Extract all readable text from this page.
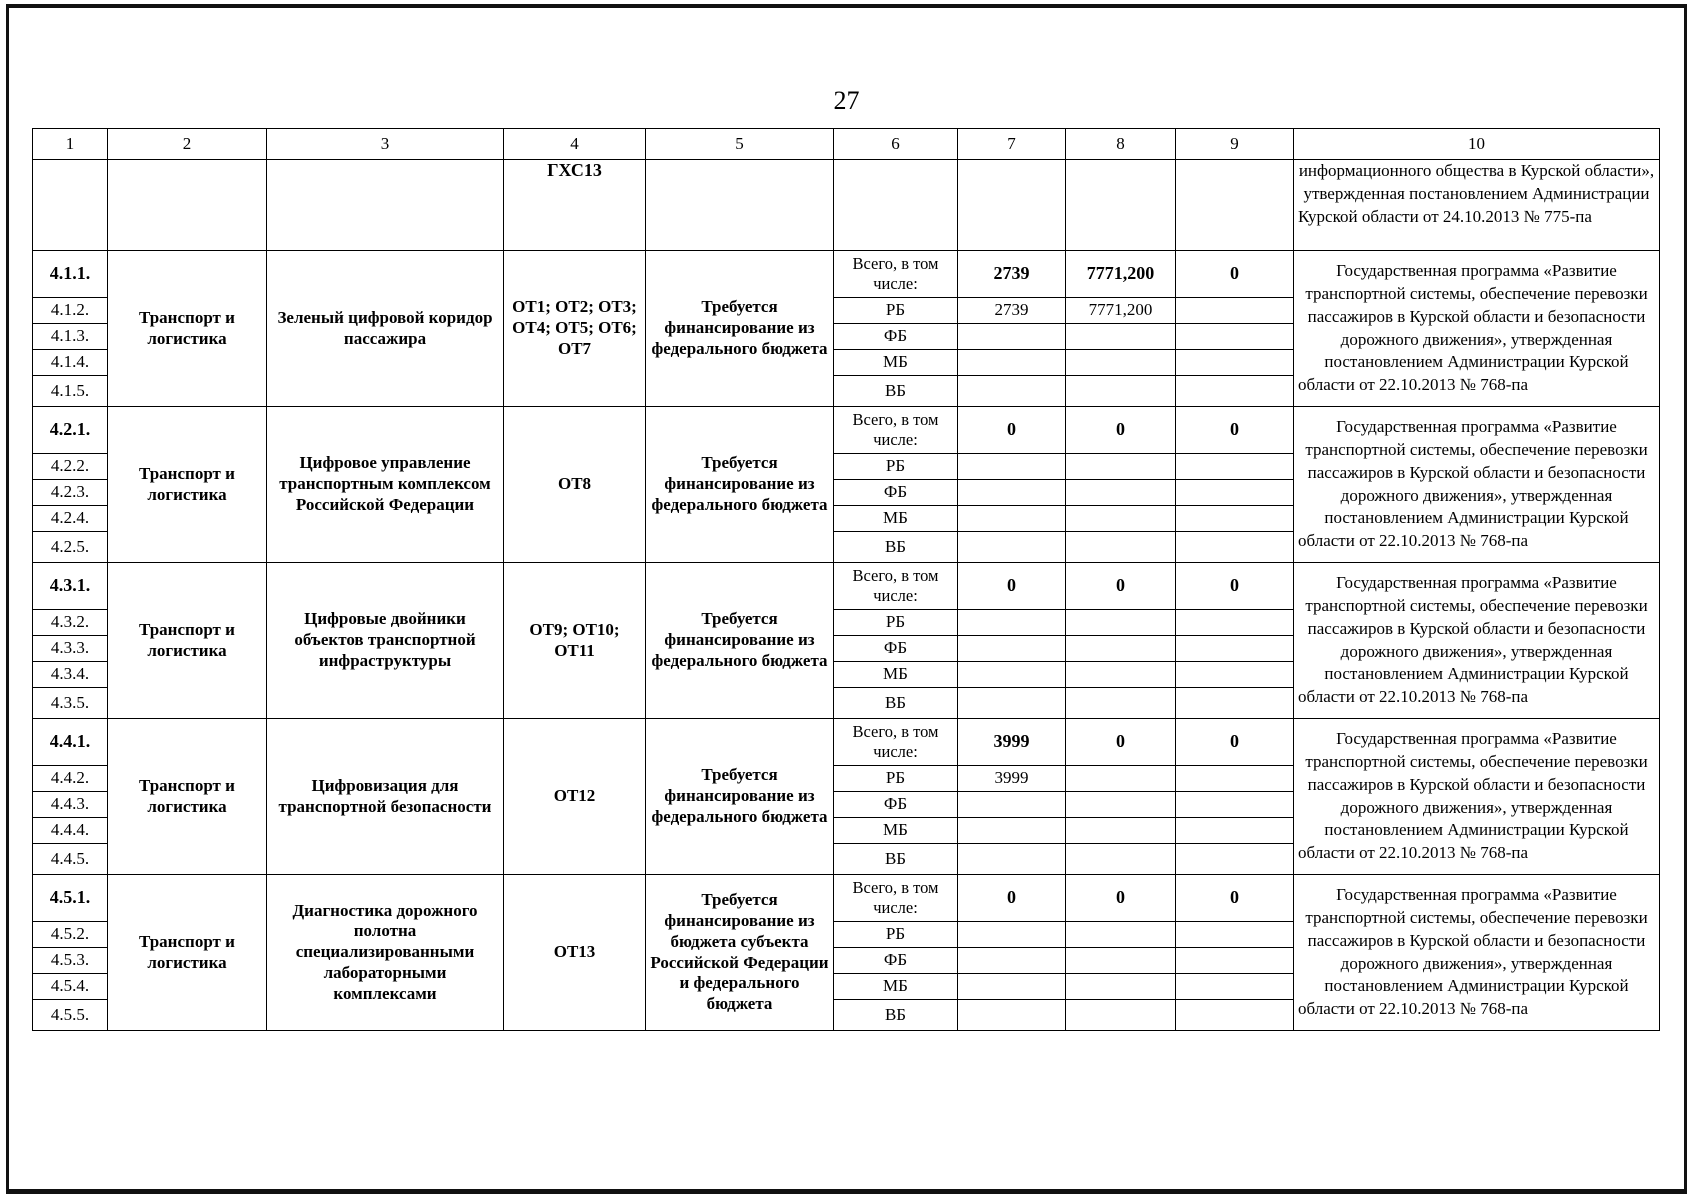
27
1	2	3	4	5	6	7	8	9	10
			ГХС13						информационного общества в Курской области», утвержденная постановлением Администрации Курской области от 24.10.2013 № 775-па
4.1.1.	Транспорт и логистика	Зеленый цифровой коридор пассажира	ОТ1; ОТ2; ОТ3; ОТ4; ОТ5; ОТ6; ОТ7	Требуется финансирование из федерального бюджета	Всего, в том числе:	2739	7771,200	0	Государственная программа «Развитие транспортной системы, обеспечение перевозки пассажиров в Курской области и безопасности дорожного движения», утвержденная постановлением Администрации Курской области от 22.10.2013 № 768-па
4.1.2.					РБ	2739	7771,200		
4.1.3.					ФБ				
4.1.4.					МБ				
4.1.5.					ВБ				
4.2.1.	Транспорт и логистика	Цифровое управление транспортным комплексом Российской Федерации	ОТ8	Требуется финансирование из федерального бюджета	Всего, в том числе:	0	0	0	Государственная программа «Развитие транспортной системы, обеспечение перевозки пассажиров в Курской области и безопасности дорожного движения», утвержденная постановлением Администрации Курской области от 22.10.2013 № 768-па
4.2.2.					РБ				
4.2.3.					ФБ				
4.2.4.					МБ				
4.2.5.					ВБ				
4.3.1.	Транспорт и логистика	Цифровые двойники объектов транспортной инфраструктуры	ОТ9; ОТ10; ОТ11	Требуется финансирование из федерального бюджета	Всего, в том числе:	0	0	0	Государственная программа «Развитие транспортной системы, обеспечение перевозки пассажиров в Курской области и безопасности дорожного движения», утвержденная постановлением Администрации Курской области от 22.10.2013 № 768-па
4.3.2.					РБ				
4.3.3.					ФБ				
4.3.4.					МБ				
4.3.5.					ВБ				
4.4.1.	Транспорт и логистика	Цифровизация для транспортной безопасности	ОТ12	Требуется финансирование из федерального бюджета	Всего, в том числе:	3999	0	0	Государственная программа «Развитие транспортной системы, обеспечение перевозки пассажиров в Курской области и безопасности дорожного движения», утвержденная постановлением Администрации Курской области от 22.10.2013 № 768-па
4.4.2.					РБ	3999			
4.4.3.					ФБ				
4.4.4.					МБ				
4.4.5.					ВБ				
4.5.1.	Транспорт и логистика	Диагностика дорожного полотна специализированными лабораторными комплексами	ОТ13	Требуется финансирование из бюджета субъекта Российской Федерации и федерального бюджета	Всего, в том числе:	0	0	0	Государственная программа «Развитие транспортной системы, обеспечение перевозки пассажиров в Курской области и безопасности дорожного движения», утвержденная постановлением Администрации Курской области от 22.10.2013 № 768-па
4.5.2.					РБ				
4.5.3.					ФБ				
4.5.4.					МБ				
4.5.5.					ВБ				
